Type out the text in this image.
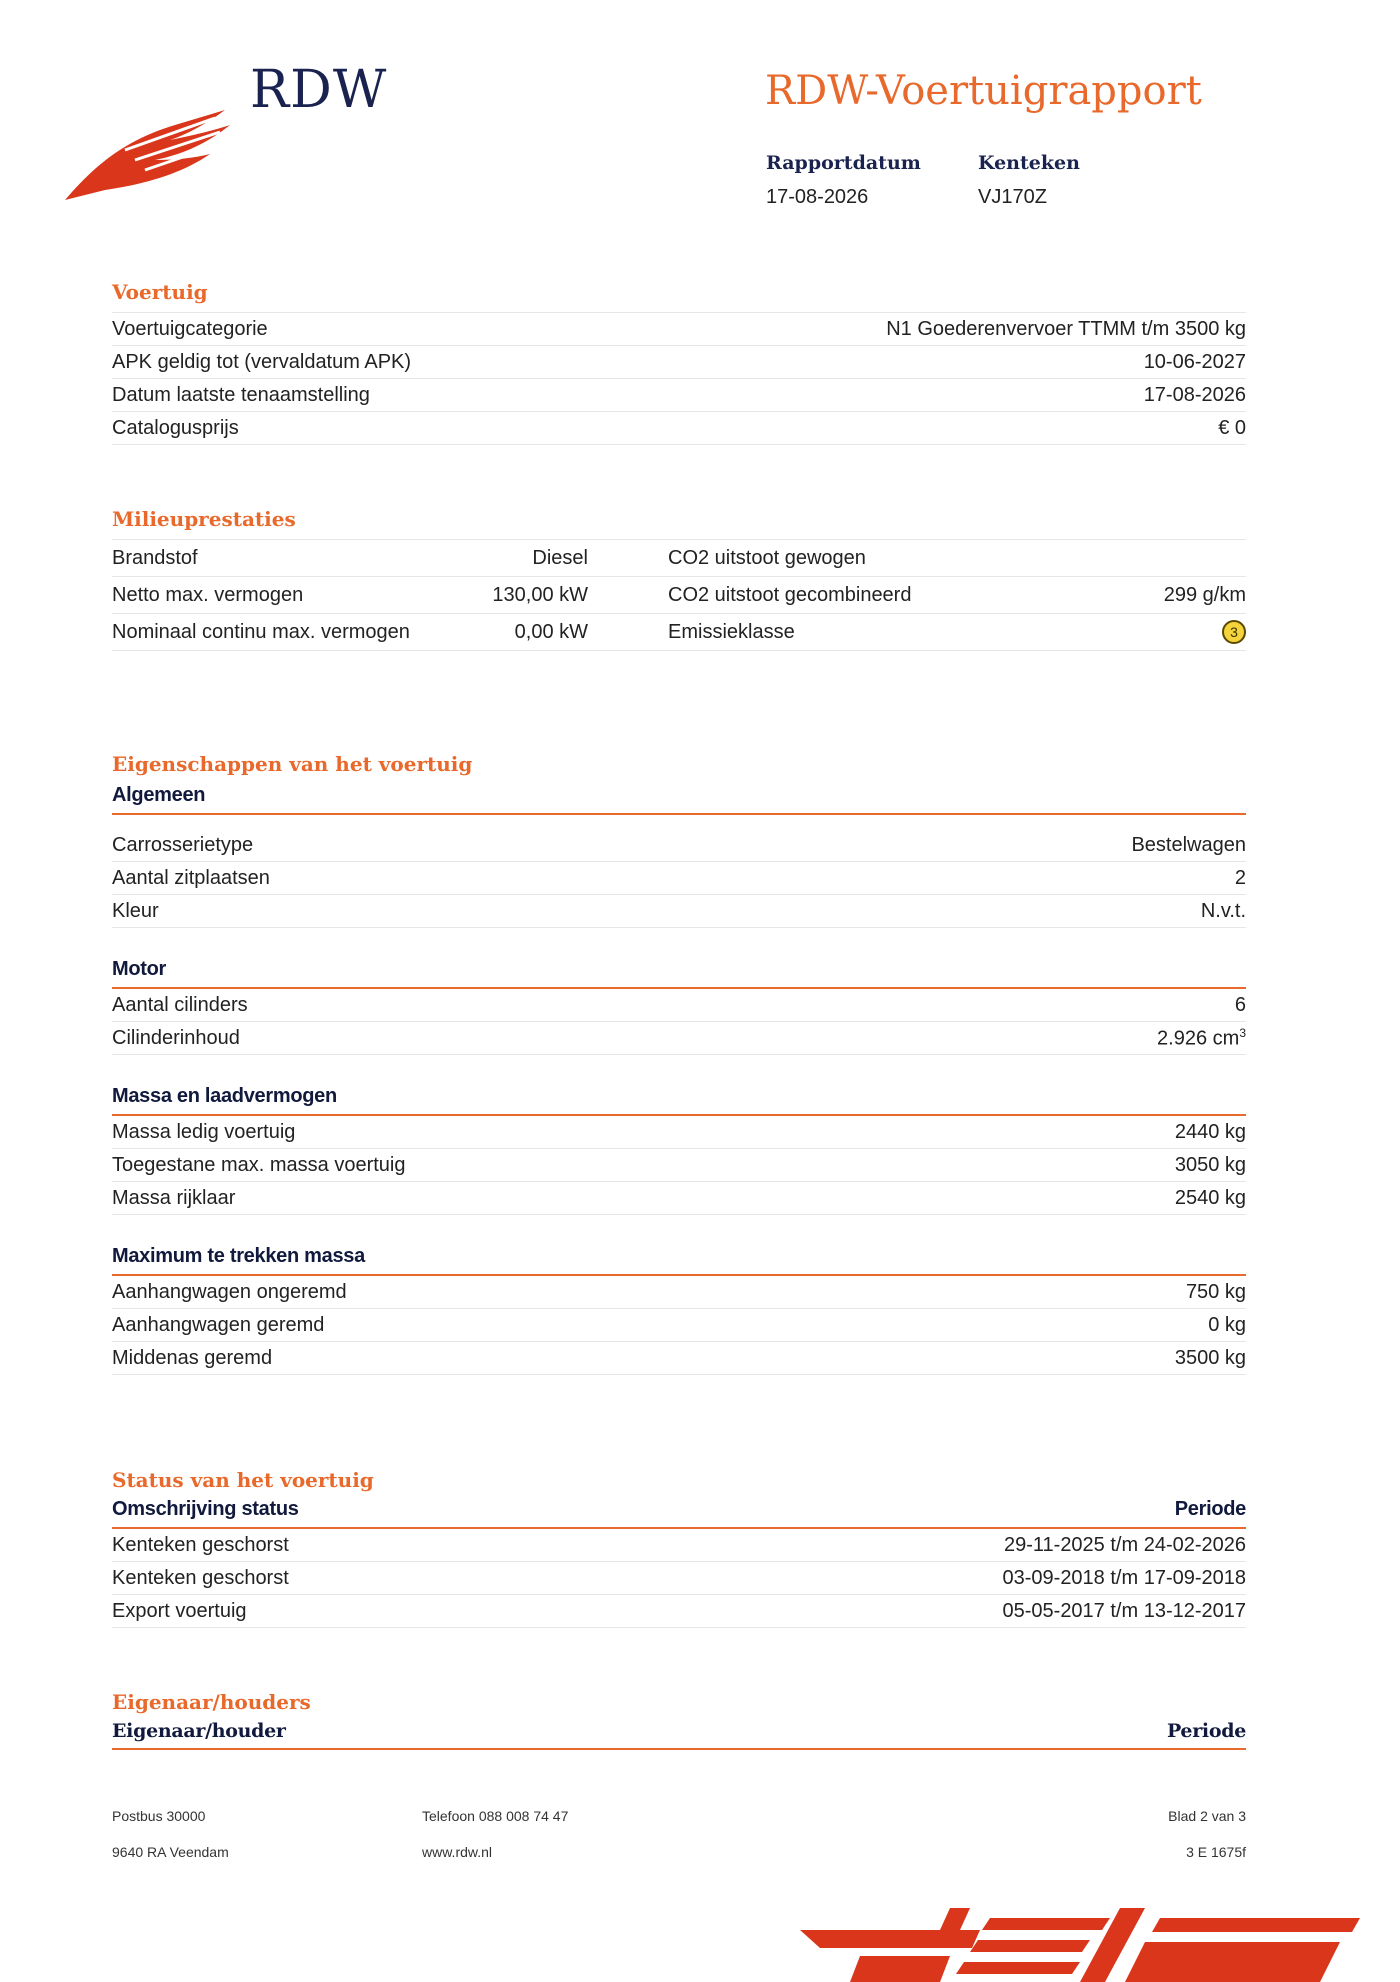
RDW	RDW-Voertuigrapport
Rapportdatum
17-08-2026
Kenteken
VJ170Z
Voertuig
Voertuigcategorie	N1 Goederenvervoer TTMM t/m 3500 kg
APK geldig tot (vervaldatum APK)	10-06-2027
Datum laatste tenaamstelling	17-08-2026
Catalogusprijs	€ 0
Milieuprestaties
Brandstof	Diesel	CO2 uitstoot gewogen
Netto max. vermogen	130,00 kW	CO2 uitstoot gecombineerd	299 g/km
Nominaal continu max. vermogen	0,00 kW	Emissieklasse	3
Eigenschappen van het voertuig
Algemeen
Carrosserietype	Bestelwagen
Aantal zitplaatsen	2
Kleur	N.v.t.
Motor
Aantal cilinders	6
Cilinderinhoud	2.926 $cm^3$
Massa en laadvermogen
Massa ledig voertuig	2440 kg
Toegestane max. massa voertuig	3050 kg
Massa rijklaar	2540 kg
Maximum te trekken massa
Aanhangwagen ongeremd	750 kg
Aanhangwagen geremd	0 kg
Middenas geremd	3500 kg
Status van het voertuig
Omschrijving status	Periode
Kenteken geschorst	29-11-2025 t/m 24-02-2026
Kenteken geschorst	03-09-2018 t/m 17-09-2018
Export voertuig	05-05-2017 t/m 13-12-2017
Eigenaar/houders
Eigenaar/houder	Periode
Postbus 30000
9640 RA Veendam
Telefoon 088 008 74 47
www.rdw.nl
Blad 2 van 3
3 E 1675f
